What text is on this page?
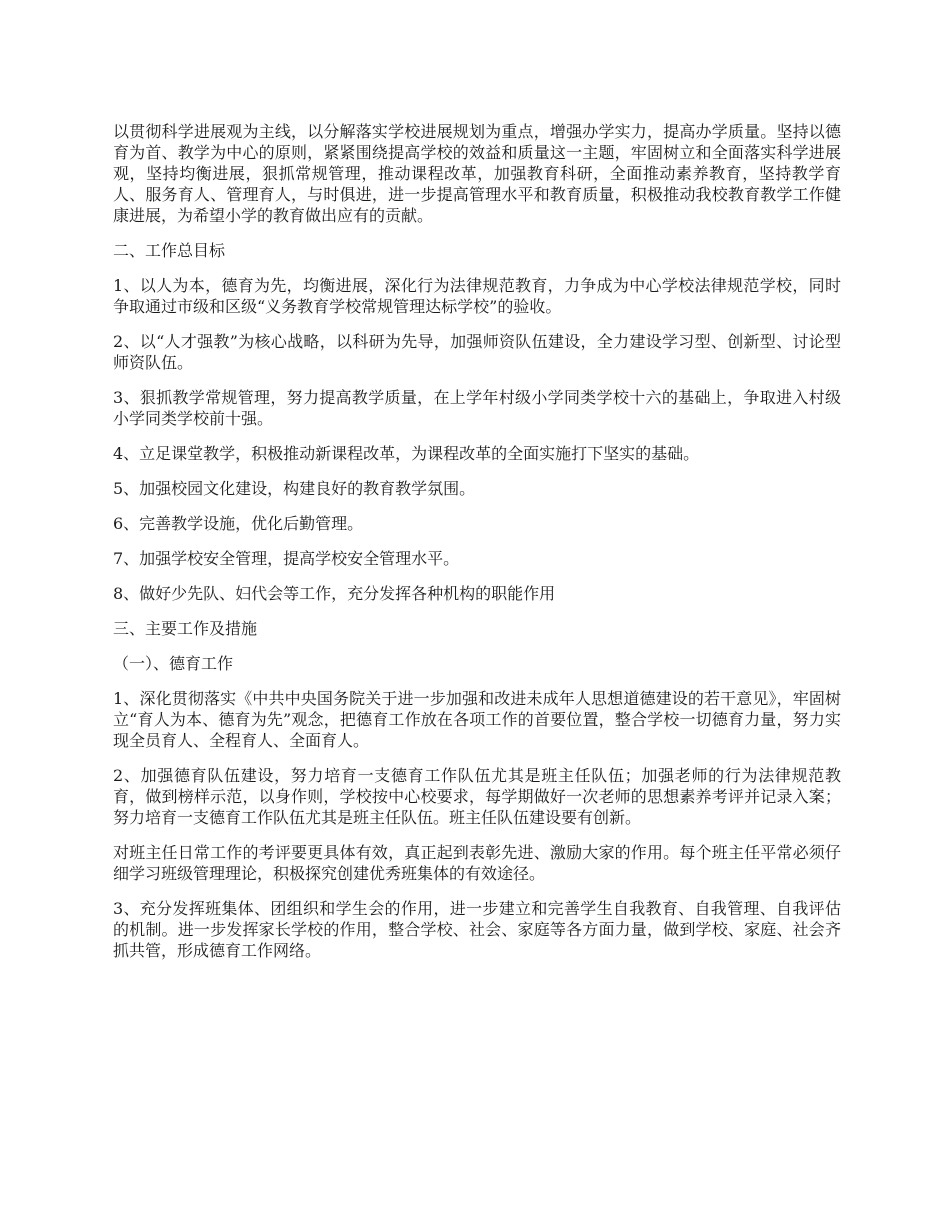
以贯彻科学进展观为主线，以分解落实学校进展规划为重点，增强办学实力，提高办学质量。坚持以德育为首、教学为中心的原则，紧紧围绕提高学校的效益和质量这一主题，牢固树立和全面落实科学进展观，坚持均衡进展，狠抓常规管理，推动课程改革，加强教育科研，全面推动素养教育，坚持教学育人、服务育人、管理育人，与时俱进，进一步提高管理水平和教育质量，积极推动我校教育教学工作健康进展，为希望小学的教育做出应有的贡献。

二、工作总目标

1、以人为本，德育为先，均衡进展，深化行为法律规范教育，力争成为中心学校法律规范学校，同时争取通过市级和区级“义务教育学校常规管理达标学校”的验收。

2、以“人才强教”为核心战略，以科研为先导，加强师资队伍建设，全力建设学习型、创新型、讨论型师资队伍。

3、狠抓教学常规管理，努力提高教学质量，在上学年村级小学同类学校十六的基础上，争取进入村级小学同类学校前十强。

4、立足课堂教学，积极推动新课程改革，为课程改革的全面实施打下坚实的基础。

5、加强校园文化建设，构建良好的教育教学氛围。

6、完善教学设施，优化后勤管理。

7、加强学校安全管理，提高学校安全管理水平。

8、做好少先队、妇代会等工作，充分发挥各种机构的职能作用

三、主要工作及措施

（一）、德育工作

1、深化贯彻落实《中共中央国务院关于进一步加强和改进未成年人思想道德建设的若干意见》，牢固树立“育人为本、德育为先”观念，把德育工作放在各项工作的首要位置，整合学校一切德育力量，努力实现全员育人、全程育人、全面育人。

2、加强德育队伍建设，努力培育一支德育工作队伍尤其是班主任队伍；加强老师的行为法律规范教育，做到榜样示范，以身作则，学校按中心校要求，每学期做好一次老师的思想素养考评并记录入案；努力培育一支德育工作队伍尤其是班主任队伍。班主任队伍建设要有创新。

对班主任日常工作的考评要更具体有效，真正起到表彰先进、激励大家的作用。每个班主任平常必须仔细学习班级管理理论，积极探究创建优秀班集体的有效途径。

3、充分发挥班集体、团组织和学生会的作用，进一步建立和完善学生自我教育、自我管理、自我评估的机制。进一步发挥家长学校的作用，整合学校、社会、家庭等各方面力量，做到学校、家庭、社会齐抓共管，形成德育工作网络。
